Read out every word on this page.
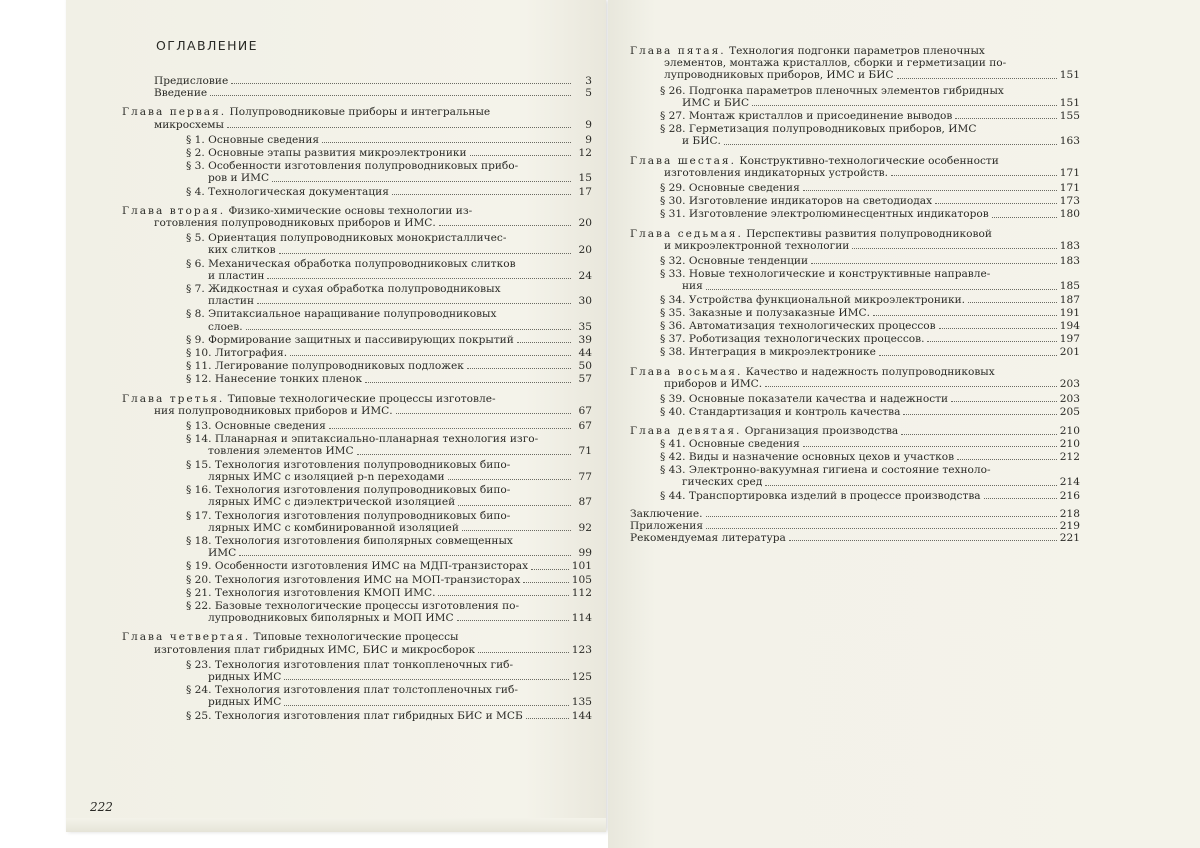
ОГЛАВЛЕНИЕ
Предисловие	3
Введение	5
Глава первая. Полупроводниковые приборы и интегральные
микросхемы	9
§ 1. Основные сведения	9
§ 2. Основные этапы развития микроэлектроники	12
§ 3. Особенности изготовления полупроводниковых прибо-
ров и ИМС	15
§ 4. Технологическая документация	17
Глава вторая. Физико-химические основы технологии из-
готовления полупроводниковых приборов и ИМС.	20
§ 5. Ориентация полупроводниковых монокристалличес-
ких слитков	20
§ 6. Механическая обработка полупроводниковых слитков
и пластин	24
§ 7. Жидкостная и сухая обработка полупроводниковых
пластин	30
§ 8. Эпитаксиальное наращивание полупроводниковых
слоев.	35
§ 9. Формирование защитных и пассивирующих покрытий	39
§ 10. Литография.	44
§ 11. Легирование полупроводниковых подложек	50
§ 12. Нанесение тонких пленок	57
Глава третья. Типовые технологические процессы изготовле-
ния полупроводниковых приборов и ИМС.	67
§ 13. Основные сведения	67
§ 14. Планарная и эпитаксиально-планарная технология изго-
товления элементов ИМС	71
§ 15. Технология изготовления полупроводниковых бипо-
лярных ИМС с изоляцией p-n переходами	77
§ 16. Технология изготовления полупроводниковых бипо-
лярных ИМС с диэлектрической изоляцией	87
§ 17. Технология изготовления полупроводниковых бипо-
лярных ИМС с комбинированной изоляцией	92
§ 18. Технология изготовления биполярных совмещенных
ИМС	99
§ 19. Особенности изготовления ИМС на МДП-транзисторах	101
§ 20. Технология изготовления ИМС на МОП-транзисторах	105
§ 21. Технология изготовления КМОП ИМС.	112
§ 22. Базовые технологические процессы изготовления по-
лупроводниковых биполярных и МОП ИМС	114
Глава четвертая. Типовые технологические процессы
изготовления плат гибридных ИМС, БИС и микросборок	123
§ 23. Технология изготовления плат тонкопленочных гиб-
ридных ИМС	125
§ 24. Технология изготовления плат толстопленочных гиб-
ридных ИМС	135
§ 25. Технология изготовления плат гибридных БИС и МСБ	144
222
Глава пятая. Технология подгонки параметров пленочных
элементов, монтажа кристаллов, сборки и герметизации по-
лупроводниковых приборов, ИМС и БИС	151
§ 26. Подгонка параметров пленочных элементов гибридных
ИМС и БИС	151
§ 27. Монтаж кристаллов и присоединение выводов	155
§ 28. Герметизация полупроводниковых приборов, ИМС
и БИС.	163
Глава шестая. Конструктивно-технологические особенности
изготовления индикаторных устройств.	171
§ 29. Основные сведения	171
§ 30. Изготовление индикаторов на светодиодах	173
§ 31. Изготовление электролюминесцентных индикаторов	180
Глава седьмая. Перспективы развития полупроводниковой
и микроэлектронной технологии	183
§ 32. Основные тенденции	183
§ 33. Новые технологические и конструктивные направле-
ния	185
§ 34. Устройства функциональной микроэлектроники.	187
§ 35. Заказные и полузаказные ИМС.	191
§ 36. Автоматизация технологических процессов	194
§ 37. Роботизация технологических процессов.	197
§ 38. Интеграция в микроэлектронике	201
Глава восьмая. Качество и надежность полупроводниковых
приборов и ИМС.	203
§ 39. Основные показатели качества и надежности	203
§ 40. Стандартизация и контроль качества	205
Глава девятая. Организация производства	210
§ 41. Основные сведения	210
§ 42. Виды и назначение основных цехов и участков	212
§ 43. Электронно-вакуумная гигиена и состояние техноло-
гических сред	214
§ 44. Транспортировка изделий в процессе производства	216
Заключение.	218
Приложения	219
Рекомендуемая литература	221
